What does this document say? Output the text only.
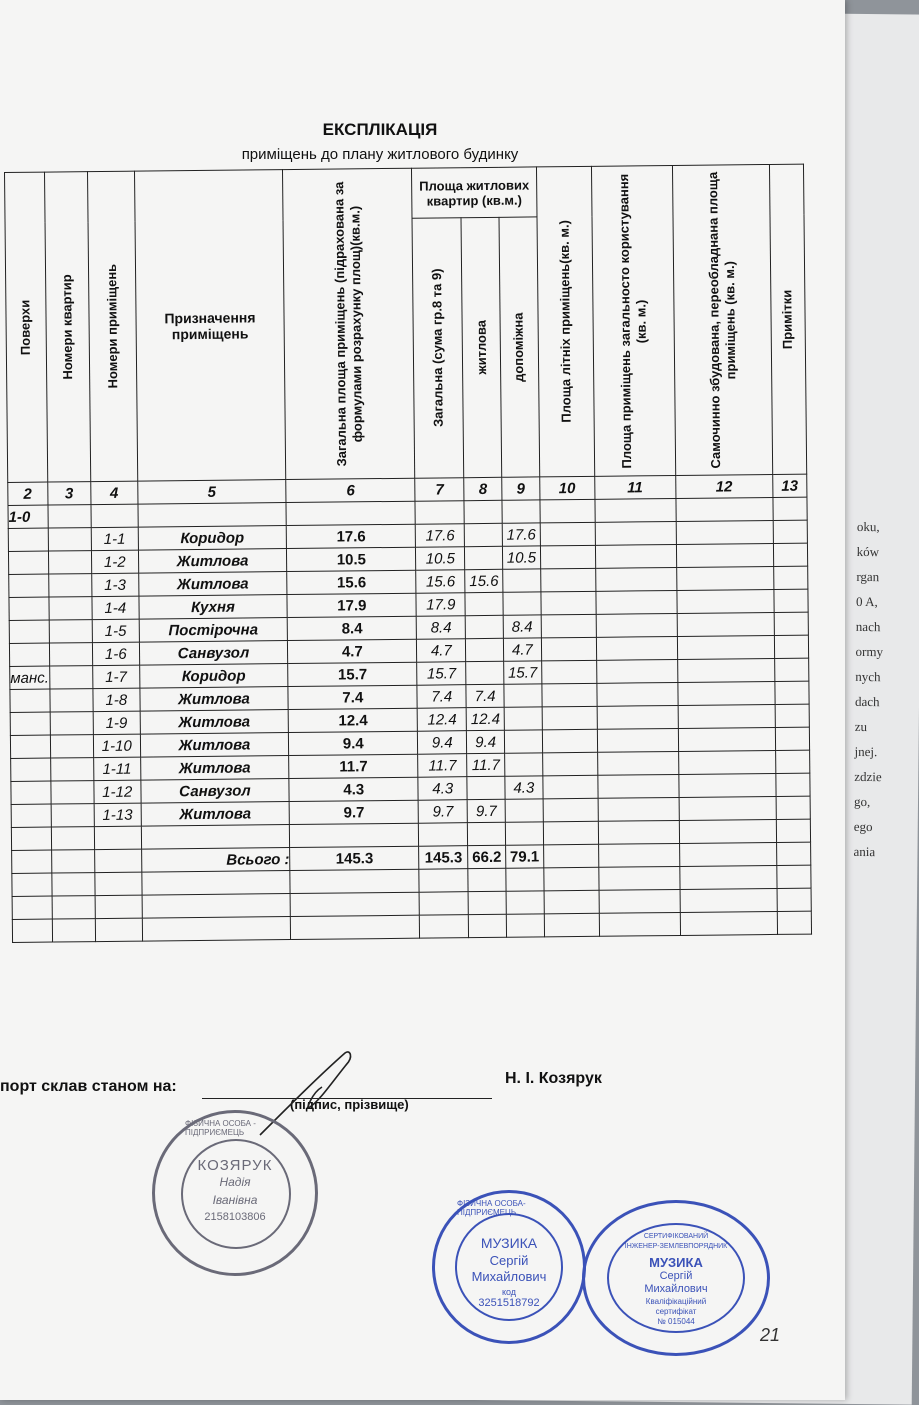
oku,
ków
rgan
0 A,
nach
ormy
nych
dach
zu
jnej.
zdzie
go,
ego
ania
ЕКСПЛІКАЦІЯ
приміщень до плану житлового будинку
Поверхи	Номери квартир	Номери приміщень	Призначення приміщень	Загальна площа приміщень (підрахована за формулами розрахунку площ)(кв.м.)	Площа житлових квартир (кв.м.)			Площа літніх приміщень(кв. м.)	Площа приміщень загальносто користування (кв. м.)	Самочинно збудована, переобладнана площа приміщень (кв. м.)	Примітки

					Загальна (сума гр.8 та 9)	житлова	допоміжна				

2	3	4	5	6	7	8	9	10	11	12	13
1-0											
		1-1	Коридор	17.6	17.6		17.6				
		1-2	Житлова	10.5	10.5		10.5				
		1-3	Житлова	15.6	15.6	15.6					
		1-4	Кухня	17.9	17.9						
		1-5	Постірочна	8.4	8.4		8.4				
		1-6	Санвузол	4.7	4.7		4.7				
манс.		1-7	Коридор	15.7	15.7		15.7				
		1-8	Житлова	7.4	7.4	7.4					
		1-9	Житлова	12.4	12.4	12.4					
		1-10	Житлова	9.4	9.4	9.4					
		1-11	Житлова	11.7	11.7	11.7					
		1-12	Санвузол	4.3	4.3		4.3				
		1-13	Житлова	9.7	9.7	9.7					

			Всього :	145.3	145.3	66.2	79.1				

порт склав станом на:	Н. І. Козярук
(підпис, прізвище)
ФІЗИЧНА ОСОБА - ПІДПРИЄМЕЦЬ
КОЗЯРУК
Надія
Іванівна
2158103806
ФІЗИЧНА ОСОБА-ПІДПРИЄМЕЦЬ
МУЗИКА
Сергій
Михайлович
код
3251518792
СЕРТИФІКОВАНИЙ
ІНЖЕНЕР-ЗЕМЛЕВПОРЯДНИК
МУЗИКА
Сергій
Михайлович
Кваліфікаційний
сертифікат
№ 015044
21
